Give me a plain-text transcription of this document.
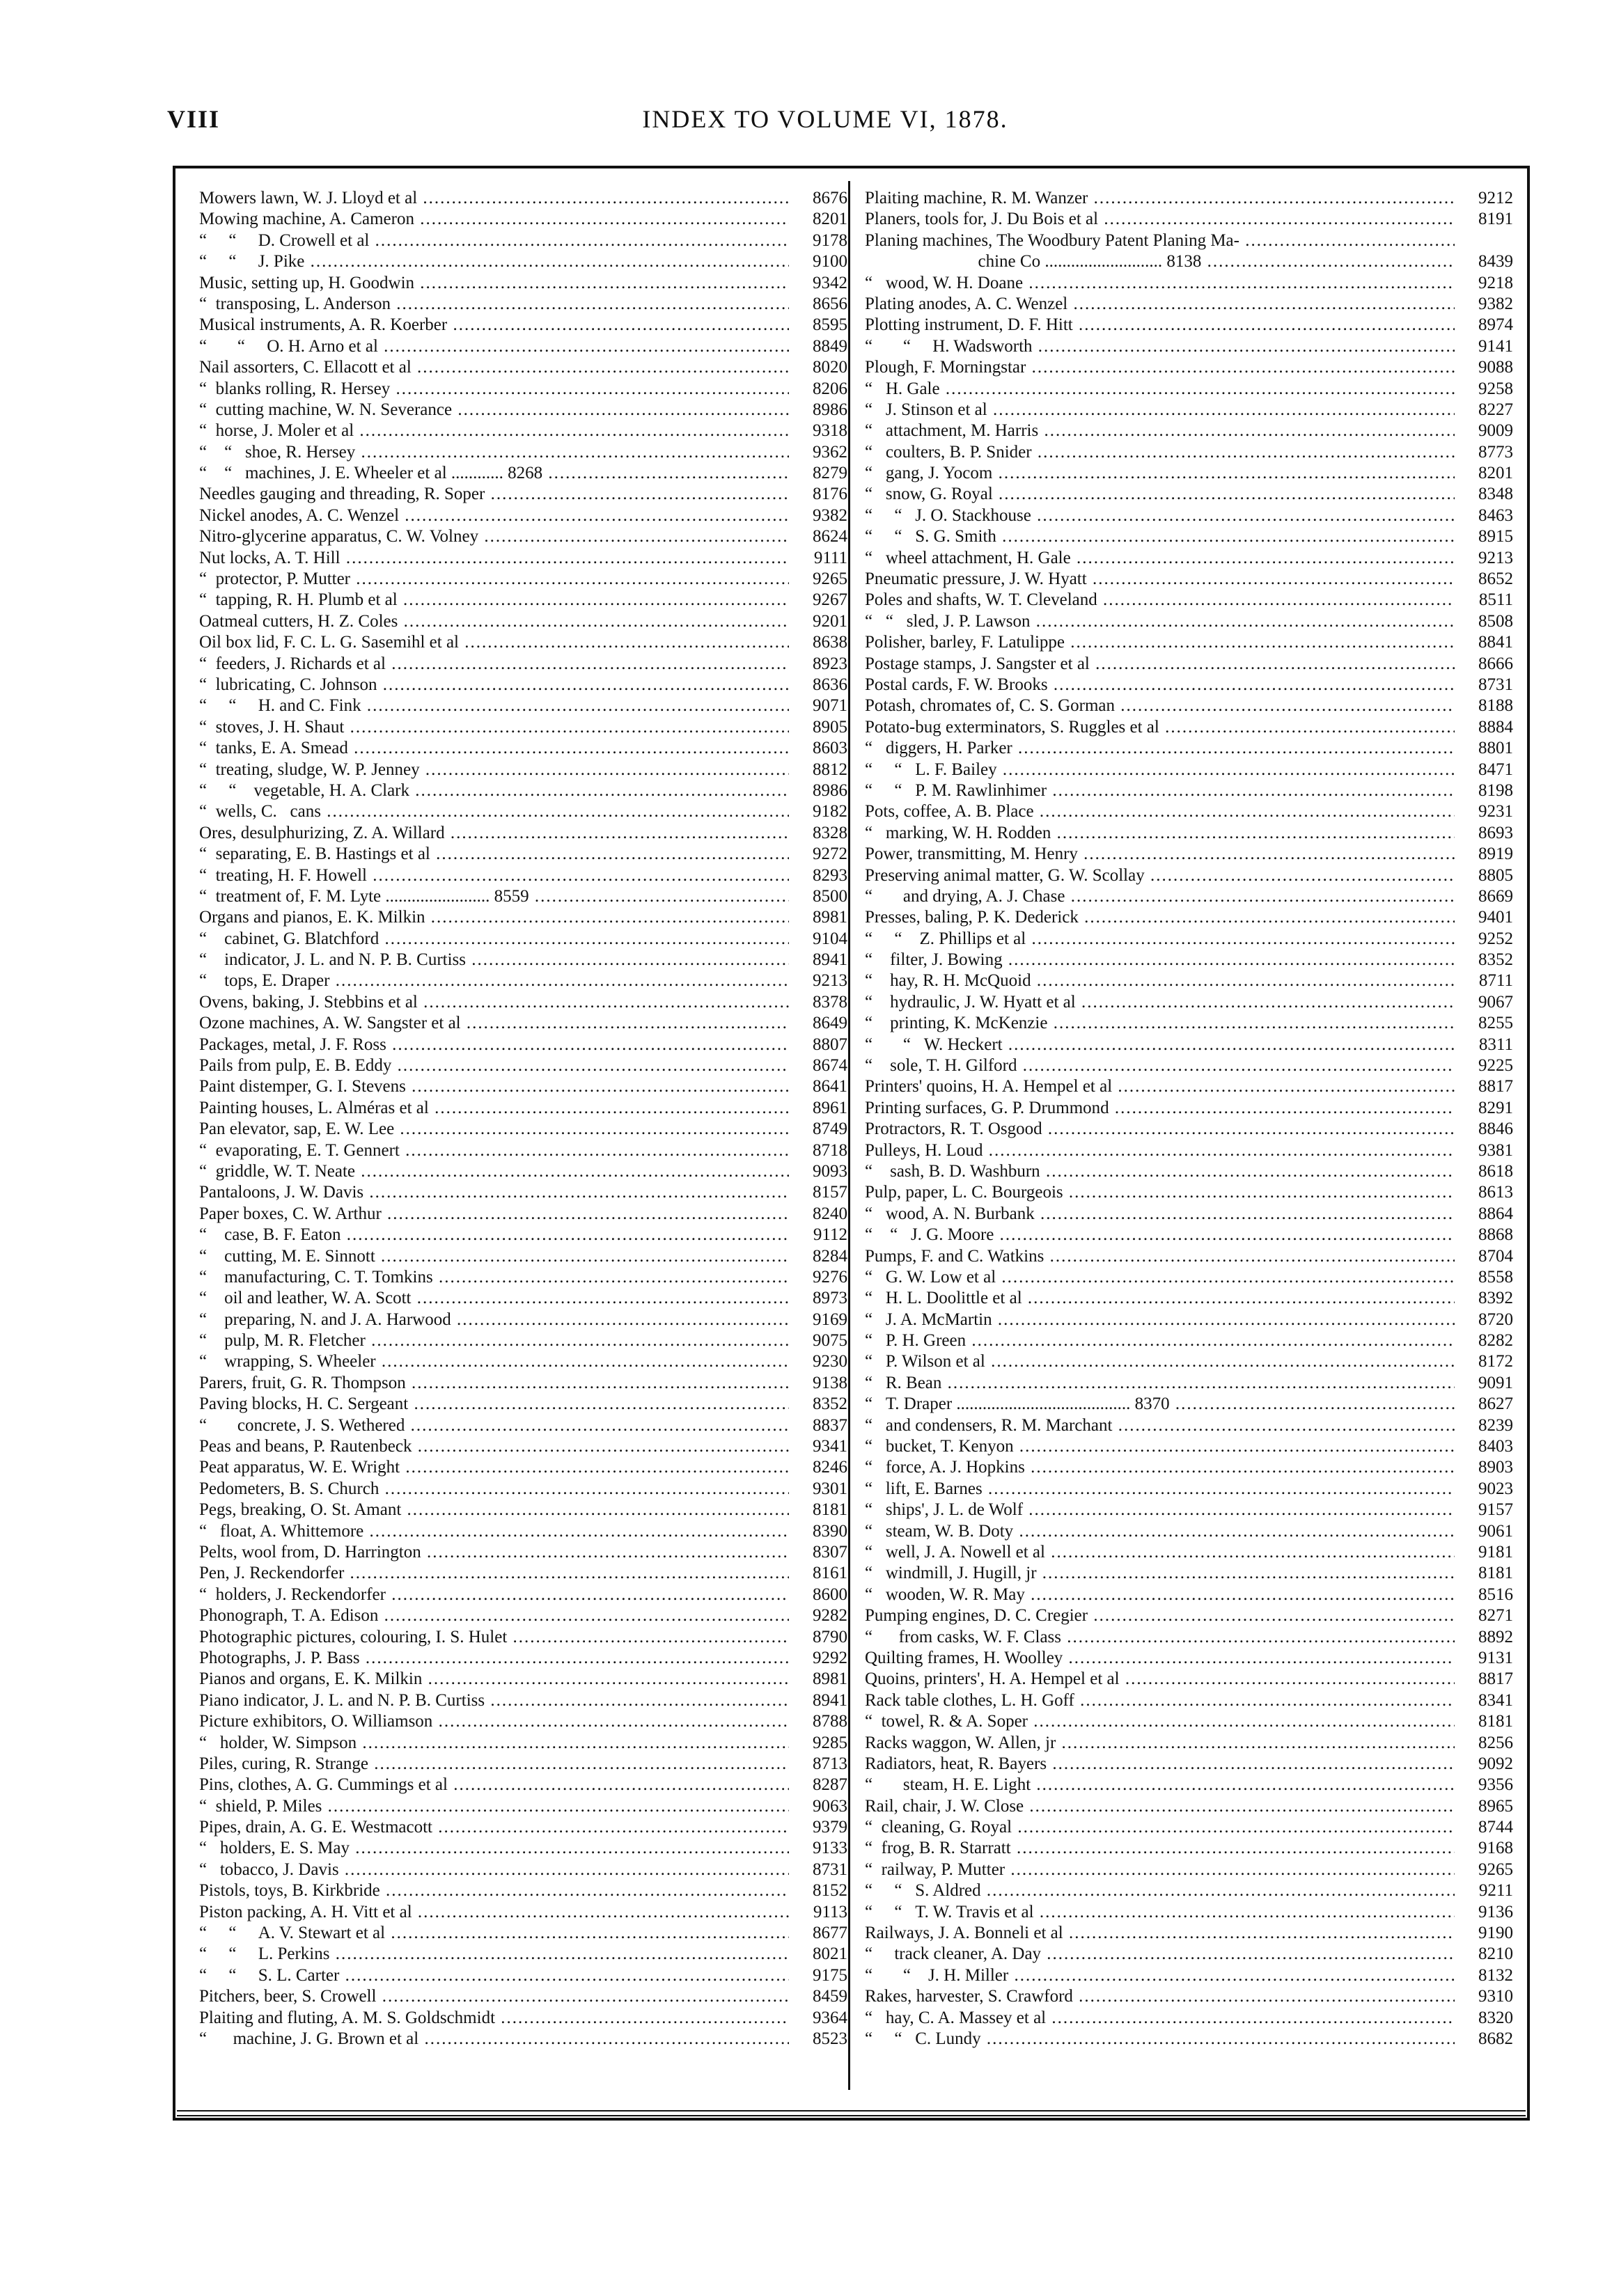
VIII	INDEX TO VOLUME VI, 1878.
Mowers lawn, W. J. Lloyd et al .....	8676
Mowing machine, A. Cameron .....	8201
“     “     D. Crowell et al .....	9178
“     “     J. Pike .....	9100
Music, setting up, H. Goodwin .....	9342
“  transposing, L. Anderson .....	8656
Musical instruments, A. R. Koerber .....	8595
“       “     O. H. Arno et al .....	8849
Nail assorters, C. Ellacott et al .....	8020
“  blanks rolling, R. Hersey .....	8206
“  cutting machine, W. N. Severance .....	8986
“  horse, J. Moler et al .....	9318
“    “   shoe, R. Hersey .....	9362
“    “   machines, J. E. Wheeler et al ............ 8268 .....	8279
Needles gauging and threading, R. Soper .....	8176
Nickel anodes, A. C. Wenzel .....	9382
Nitro-glycerine apparatus, C. W. Volney .....	8624
Nut locks, A. T. Hill .....	9111
“  protector, P. Mutter .....	9265
“  tapping, R. H. Plumb et al .....	9267
Oatmeal cutters, H. Z. Coles .....	9201
Oil box lid, F. C. L. G. Sasemihl et al .....	8638
“  feeders, J. Richards et al .....	8923
“  lubricating, C. Johnson .....	8636
“     “     H. and C. Fink .....	9071
“  stoves, J. H. Shaut .....	8905
“  tanks, E. A. Smead .....	8603
“  treating, sludge, W. P. Jenney .....	8812
“     “    vegetable, H. A. Clark .....	8986
“  wells, C.   cans .....	9182
Ores, desulphurizing, Z. A. Willard .....	8328
“  separating, E. B. Hastings et al .....	9272
“  treating, H. F. Howell .....	8293
“  treatment of, F. M. Lyte ........................ 8559 .....	8500
Organs and pianos, E. K. Milkin .....	8981
“    cabinet, G. Blatchford .....	9104
“    indicator, J. L. and N. P. B. Curtiss .....	8941
“    tops, E. Draper .....	9213
Ovens, baking, J. Stebbins et al .....	8378
Ozone machines, A. W. Sangster et al .....	8649
Packages, metal, J. F. Ross .....	8807
Pails from pulp, E. B. Eddy .....	8674
Paint distemper, G. I. Stevens .....	8641
Painting houses, L. Alméras et al .....	8961
Pan elevator, sap, E. W. Lee .....	8749
“  evaporating, E. T. Gennert .....	8718
“  griddle, W. T. Neate .....	9093
Pantaloons, J. W. Davis .....	8157
Paper boxes, C. W. Arthur .....	8240
“    case, B. F. Eaton .....	9112
“    cutting, M. E. Sinnott .....	8284
“    manufacturing, C. T. Tomkins .....	9276
“    oil and leather, W. A. Scott .....	8973
“    preparing, N. and J. A. Harwood .....	9169
“    pulp, M. R. Fletcher .....	9075
“    wrapping, S. Wheeler .....	9230
Parers, fruit, G. R. Thompson .....	9138
Paving blocks, H. C. Sergeant .....	8352
“       concrete, J. S. Wethered .....	8837
Peas and beans, P. Rautenbeck .....	9341
Peat apparatus, W. E. Wright .....	8246
Pedometers, B. S. Church .....	9301
Pegs, breaking, O. St. Amant .....	8181
“   float, A. Whittemore .....	8390
Pelts, wool from, D. Harrington .....	8307
Pen, J. Reckendorfer .....	8161
“  holders, J. Reckendorfer .....	8600
Phonograph, T. A. Edison .....	9282
Photographic pictures, colouring, I. S. Hulet .....	8790
Photographs, J. P. Bass .....	9292
Pianos and organs, E. K. Milkin .....	8981
Piano indicator, J. L. and N. P. B. Curtiss .....	8941
Picture exhibitors, O. Williamson .....	8788
“   holder, W. Simpson .....	9285
Piles, curing, R. Strange .....	8713
Pins, clothes, A. G. Cummings et al .....	8287
“  shield, P. Miles .....	9063
Pipes, drain, A. G. E. Westmacott .....	9379
“   holders, E. S. May .....	9133
“   tobacco, J. Davis .....	8731
Pistols, toys, B. Kirkbride .....	8152
Piston packing, A. H. Vitt et al .....	9113
“     “     A. V. Stewart et al .....	8677
“     “     L. Perkins .....	8021
“     “     S. L. Carter .....	9175
Pitchers, beer, S. Crowell .....	8459
Plaiting and fluting, A. M. S. Goldschmidt .....	9364
“      machine, J. G. Brown et al .....	8523
Plaiting machine, R. M. Wanzer .....	9212
Planers, tools for, J. Du Bois et al .....	8191
Planing machines, The Woodbury Patent Planing Ma- .....
chine Co ........................... 8138 .....	8439
“   wood, W. H. Doane .....	9218
Plating anodes, A. C. Wenzel .....	9382
Plotting instrument, D. F. Hitt .....	8974
“       “     H. Wadsworth .....	9141
Plough, F. Morningstar .....	9088
“   H. Gale .....	9258
“   J. Stinson et al .....	8227
“   attachment, M. Harris .....	9009
“   coulters, B. P. Snider .....	8773
“   gang, J. Yocom .....	8201
“   snow, G. Royal .....	8348
“     “   J. O. Stackhouse .....	8463
“     “   S. G. Smith .....	8915
“   wheel attachment, H. Gale .....	9213
Pneumatic pressure, J. W. Hyatt .....	8652
Poles and shafts, W. T. Cleveland .....	8511
“   “   sled, J. P. Lawson .....	8508
Polisher, barley, F. Latulippe .....	8841
Postage stamps, J. Sangster et al .....	8666
Postal cards, F. W. Brooks .....	8731
Potash, chromates of, C. S. Gorman .....	8188
Potato-bug exterminators, S. Ruggles et al .....	8884
“   diggers, H. Parker .....	8801
“     “   L. F. Bailey .....	8471
“     “   P. M. Rawlinhimer .....	8198
Pots, coffee, A. B. Place .....	9231
“   marking, W. H. Rodden .....	8693
Power, transmitting, M. Henry .....	8919
Preserving animal matter, G. W. Scollay .....	8805
“       and drying, A. J. Chase .....	8669
Presses, baling, P. K. Dederick .....	9401
“     “    Z. Phillips et al .....	9252
“    filter, J. Bowing .....	8352
“    hay, R. H. McQuoid .....	8711
“    hydraulic, J. W. Hyatt et al .....	9067
“    printing, K. McKenzie .....	8255
“       “   W. Heckert .....	8311
“    sole, T. H. Gilford .....	9225
Printers' quoins, H. A. Hempel et al .....	8817
Printing surfaces, G. P. Drummond .....	8291
Protractors, R. T. Osgood .....	8846
Pulleys, H. Loud .....	9381
“    sash, B. D. Washburn .....	8618
Pulp, paper, L. C. Bourgeois .....	8613
“   wood, A. N. Burbank .....	8864
“    “   J. G. Moore .....	8868
Pumps, F. and C. Watkins .....	8704
“   G. W. Low et al .....	8558
“   H. L. Doolittle et al .....	8392
“   J. A. McMartin .....	8720
“   P. H. Green .....	8282
“   P. Wilson et al .....	8172
“   R. Bean .....	9091
“   T. Draper ........................................ 8370 .....	8627
“   and condensers, R. M. Marchant .....	8239
“   bucket, T. Kenyon .....	8403
“   force, A. J. Hopkins .....	8903
“   lift, E. Barnes .....	9023
“   ships', J. L. de Wolf .....	9157
“   steam, W. B. Doty .....	9061
“   well, J. A. Nowell et al .....	9181
“   windmill, J. Hugill, jr .....	8181
“   wooden, W. R. May .....	8516
Pumping engines, D. C. Cregier .....	8271
“      from casks, W. F. Class .....	8892
Quilting frames, H. Woolley .....	9131
Quoins, printers', H. A. Hempel et al .....	8817
Rack table clothes, L. H. Goff .....	8341
“  towel, R. & A. Soper .....	8181
Racks waggon, W. Allen, jr .....	8256
Radiators, heat, R. Bayers .....	9092
“       steam, H. E. Light .....	9356
Rail, chair, J. W. Close .....	8965
“  cleaning, G. Royal .....	8744
“  frog, B. R. Starratt .....	9168
“  railway, P. Mutter .....	9265
“     “   S. Aldred .....	9211
“     “   T. W. Travis et al .....	9136
Railways, J. A. Bonneli et al .....	9190
“     track cleaner, A. Day .....	8210
“       “    J. H. Miller .....	8132
Rakes, harvester, S. Crawford .....	9310
“   hay, C. A. Massey et al .....	8320
“     “   C. Lundy .....	8682
